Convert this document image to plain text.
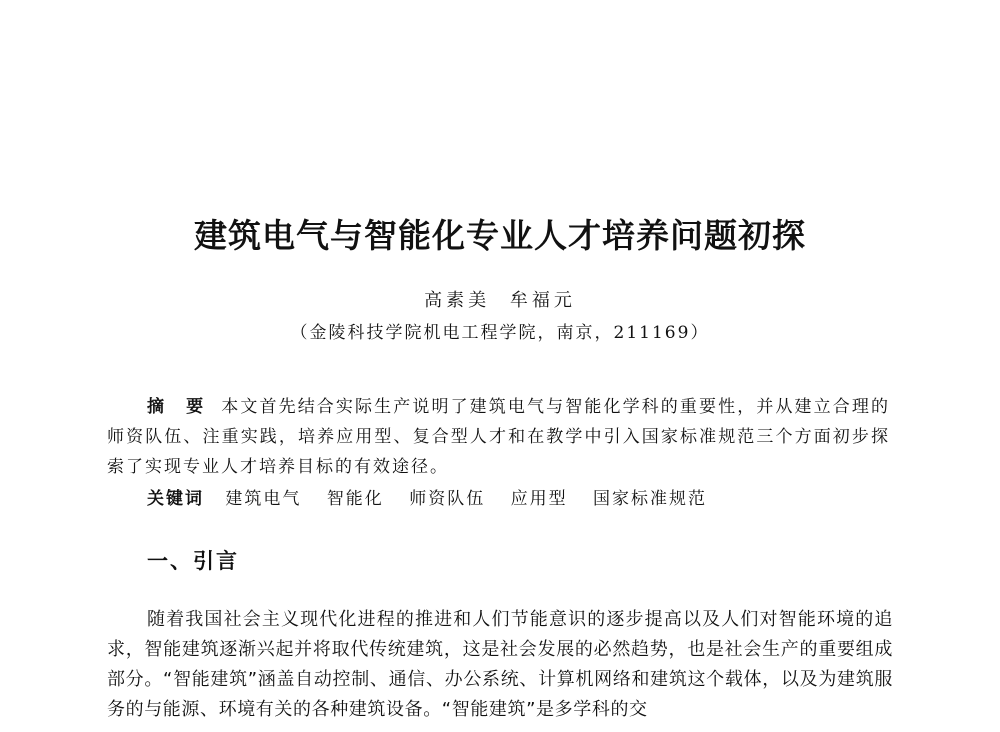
建筑电气与智能化专业人才培养问题初探
高素美 牟福元
（金陵科技学院机电工程学院，南京，211169）
摘 要 本文首先结合实际生产说明了建筑电气与智能化学科的重要性，并从建立合理的师资队伍、注重实践，培养应用型、复合型人才和在教学中引入国家标准规范三个方面初步探索了实现专业人才培养目标的有效途径。
关键词 建筑电气 智能化 师资队伍 应用型 国家标准规范
一、引言
随着我国社会主义现代化进程的推进和人们节能意识的逐步提高以及人们对智能环境的追求，智能建筑逐渐兴起并将取代传统建筑，这是社会发展的必然趋势，也是社会生产的重要组成部分。“智能建筑”涵盖自动控制、通信、办公系统、计算机网络和建筑这个载体，以及为建筑服务的与能源、环境有关的各种建筑设备。“智能建筑”是多学科的交
